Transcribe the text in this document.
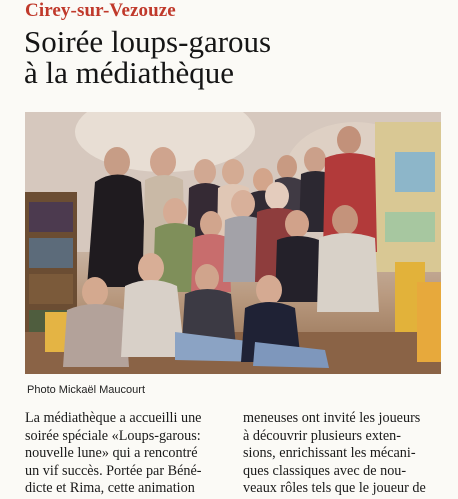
Cirey-sur-Vezouze
Soirée loups-garous
à la médiathèque
Photo Mickaël Maucourt
La médiathèque a accueilli une
soirée spéciale «Loups-garous:
nouvelle lune» qui a rencontré
un vif succès. Portée par Béné-
dicte et Rima, cette animation
meneuses ont invité les joueurs
à découvrir plusieurs exten-
sions, enrichissant les mécani-
ques classiques avec de nou-
veaux rôles tels que le joueur de
